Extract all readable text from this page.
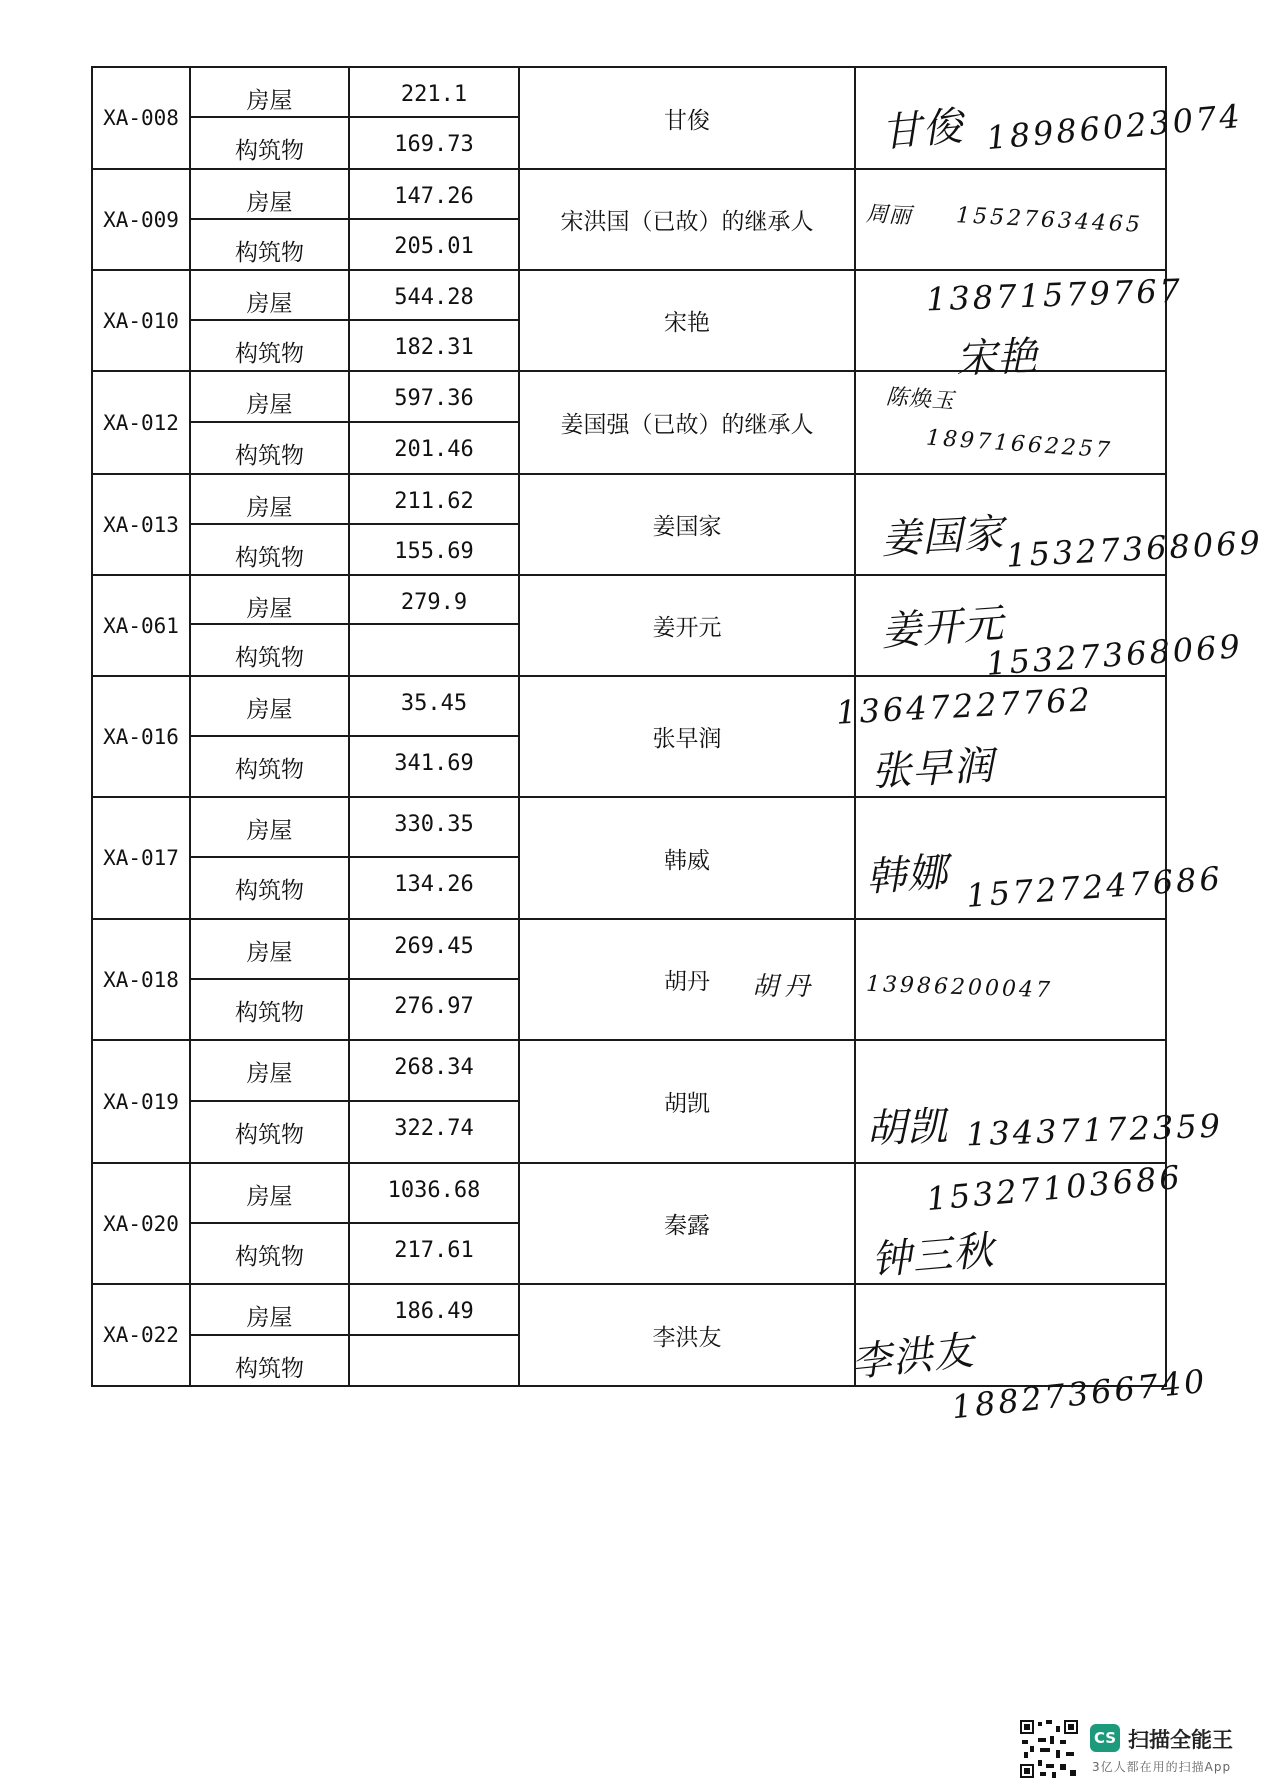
XA-008	房屋	221.1	甘俊	甘俊 18986023074

	构筑物	169.73		
XA-009	房屋	147.26	宋洪国（已故）的继承人	周丽 15527634465

	构筑物	205.01		
XA-010	房屋	544.28	宋艳	宋艳
13871579767

	构筑物	182.31		
XA-012	房屋	597.36	姜国强（已故）的继承人	陈焕玉
18971662257

	构筑物	201.46		
XA-013	房屋	211.62	姜国家	姜国家 15327368069

	构筑物	155.69		
XA-061	房屋	279.9	姜开元	姜开元
15327368069

	构筑物			
XA-016	房屋	35.45	张早润	张早润
13647227762

	构筑物	341.69		
XA-017	房屋	330.35	韩威	韩娜 15727247686

	构筑物	134.26		
XA-018	房屋	269.45	胡丹 胡丹	13986200047

	构筑物	276.97		
XA-019	房屋	268.34	胡凯	胡凯 13437172359

	构筑物	322.74		
XA-020	房屋	1036.68	秦露	钟三秋
15327103686

	构筑物	217.61		
XA-022	房屋	186.49	李洪友	李洪友
18827366740

	构筑物			
CS 扫描全能王
3亿人都在用的扫描App
